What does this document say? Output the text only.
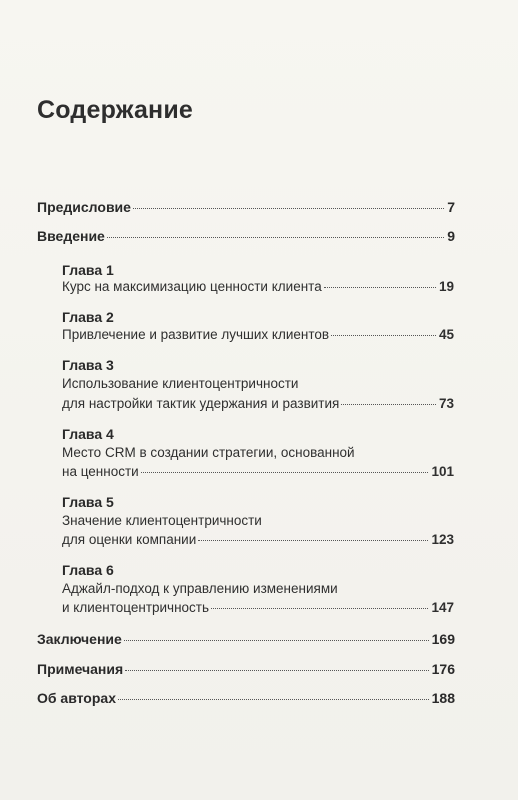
Содержание
Предисловие	7
Введение	9
Глава 1
Курс на максимизацию ценности клиента	19
Глава 2
Привлечение и развитие лучших клиентов	45
Глава 3
Использование клиентоцентричности
для настройки тактик удержания и развития	73
Глава 4
Место CRM в создании стратегии, основанной
на ценности	101
Глава 5
Значение клиентоцентричности
для оценки компании	123
Глава 6
Аджайл-подход к управлению изменениями
и клиентоцентричность	147
Заключение	169
Примечания	176
Об авторах	188
